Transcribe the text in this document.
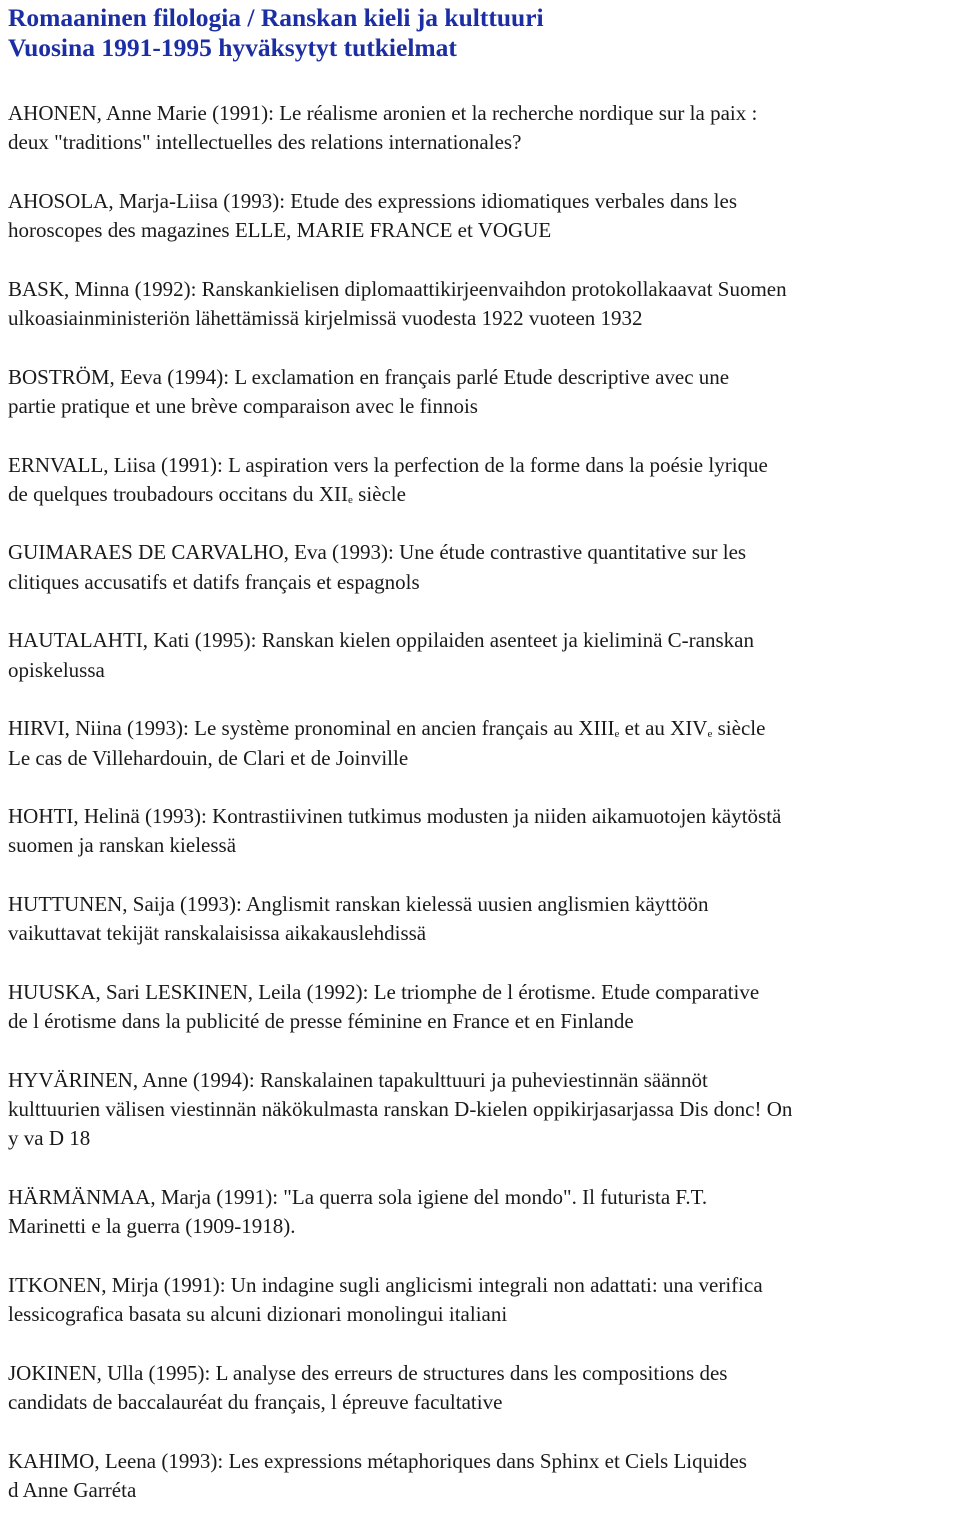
Romaaninen filologia / Ranskan kieli ja kulttuuri
Vuosina 1991-1995 hyväksytyt tutkielmat
AHONEN, Anne Marie (1991): Le réalisme aronien et la recherche nordique sur la paix :
deux "traditions" intellectuelles des relations internationales?
AHOSOLA, Marja-Liisa (1993): Etude des expressions idiomatiques verbales dans les
horoscopes des magazines ELLE, MARIE FRANCE et VOGUE
BASK, Minna (1992): Ranskankielisen diplomaattikirjeenvaihdon protokollakaavat Suomen
ulkoasiainministeriön lähettämissä kirjelmissä vuodesta 1922 vuoteen 1932
BOSTRÖM, Eeva (1994): L exclamation en français parlé Etude descriptive avec une
partie pratique et une brève comparaison avec le finnois
ERNVALL, Liisa (1991): L aspiration vers la perfection de la forme dans la poésie lyrique
de quelques troubadours occitans du XIIe siècle
GUIMARAES DE CARVALHO, Eva (1993): Une étude contrastive quantitative sur les
clitiques accusatifs et datifs français et espagnols
HAUTALAHTI, Kati (1995): Ranskan kielen oppilaiden asenteet ja kieliminä C-ranskan
opiskelussa
HIRVI, Niina (1993): Le système pronominal en ancien français au XIIIe et au XIVe siècle
Le cas de Villehardouin, de Clari et de Joinville
HOHTI, Helinä (1993): Kontrastiivinen tutkimus modusten ja niiden aikamuotojen käytöstä
suomen ja ranskan kielessä
HUTTUNEN, Saija (1993): Anglismit ranskan kielessä uusien anglismien käyttöön
vaikuttavat tekijät ranskalaisissa aikakauslehdissä
HUUSKA, Sari LESKINEN, Leila (1992): Le triomphe de l érotisme. Etude comparative
de l érotisme dans la publicité de presse féminine en France et en Finlande
HYVÄRINEN, Anne (1994): Ranskalainen tapakulttuuri ja puheviestinnän säännöt
kulttuurien välisen viestinnän näkökulmasta ranskan D-kielen oppikirjasarjassa Dis donc! On
y va D 18
HÄRMÄNMAA, Marja (1991): "La querra sola igiene del mondo". Il futurista F.T.
Marinetti e la guerra (1909-1918).
ITKONEN, Mirja (1991): Un indagine sugli anglicismi integrali non adattati: una verifica
lessicografica basata su alcuni dizionari monolingui italiani
JOKINEN, Ulla (1995): L analyse des erreurs de structures dans les compositions des
candidats de baccalauréat du français, l épreuve facultative
KAHIMO, Leena (1993): Les expressions métaphoriques dans Sphinx et Ciels Liquides
d Anne Garréta
